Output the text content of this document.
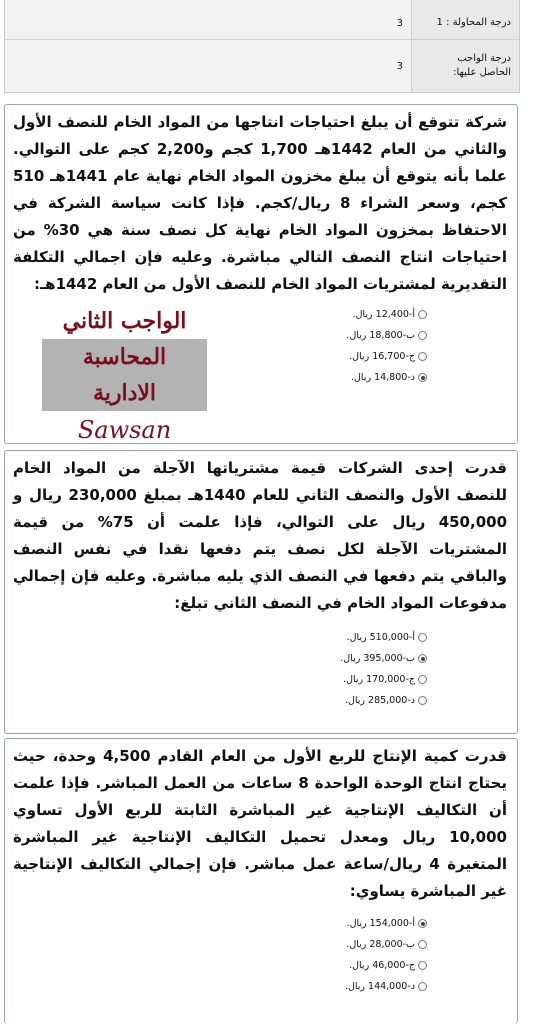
درجة المحاولة : 1
3
درجة الواجب
الحاصل عليها:
3

شركة تتوقع أن يبلغ احتياجات انتاجها من المواد الخام للنصف الأول والثاني من العام 1442هـ 1,700 كجم و2,200 كجم على التوالي. علما بأنه يتوقع أن يبلغ مخزون المواد الخام نهاية عام 1441هـ 510 كجم، وسعر الشراء 8 ريال/كجم. فإذا كانت سياسة الشركة في الاحتفاظ بمخزون المواد الخام نهاية كل نصف سنة هي 30% من احتياجات انتاج النصف التالي مباشرة. وعليه فإن اجمالي التكلفة التقديرية لمشتريات المواد الخام للنصف الأول من العام 1442هـ:

أ-12,400 ريال.
ب-18,800 ريال.
ج-16,700 ريال.
د-14,800 ريال.
الواجب الثاني
المحاسبة الادارية
Sawsan

قدرت إحدى الشركات قيمة مشترياتها الآجلة من المواد الخام للنصف الأول والنصف الثاني للعام 1440هـ بمبلغ 230,000 ريال و 450,000 ريال على التوالي، فإذا علمت أن 75% من قيمة المشتريات الآجلة لكل نصف يتم دفعها نقدا في نفس النصف والباقي يتم دفعها في النصف الذي يليه مباشرة. وعليه فإن إجمالي مدفوعات المواد الخام في النصف الثاني تبلغ:

أ-510,000 ريال.
ب-395,000 ريال.
ج-170,000 ريال.
د-285,000 ريال.

قدرت كمية الإنتاج للربع الأول من العام القادم 4,500 وحدة، حيث يحتاج انتاج الوحدة الواحدة 8 ساعات من العمل المباشر. فإذا علمت أن التكاليف الإنتاجية غير المباشرة الثابتة للربع الأول تساوي 10,000 ريال ومعدل تحميل التكاليف الإنتاجية غير المباشرة المتغيرة 4 ريال/ساعة عمل مباشر. فإن إجمالي التكاليف الإنتاجية غير المباشرة يساوي:

أ-154,000 ريال.
ب-28,000 ريال.
ج-46,000 ريال.
د-144,000 ريال.
